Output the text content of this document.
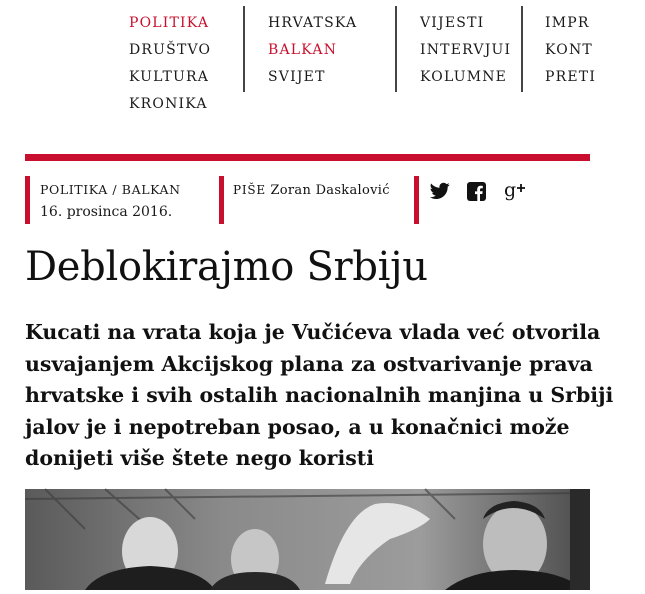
POLITIKA
DRUŠTVO
KULTURA
KRONIKA
HRVATSKA
BALKAN
SVIJET
VIJESTI
INTERVJUI
KOLUMNE
IMPR
KONT
PRETI
POLITIKA / BALKAN
16. prosinca 2016.
PIŠE Zoran Daskalović	g
Deblokirajmo Srbiju

Kucati na vrata koja je Vučićeva vlada već otvorila
usvajanjem Akcijskog plana za ostvarivanje prava
hrvatske i svih ostalih nacionalnih manjina u Srbiji
jalov je i nepotreban posao, a u konačnici može
donijeti više štete nego koristi
